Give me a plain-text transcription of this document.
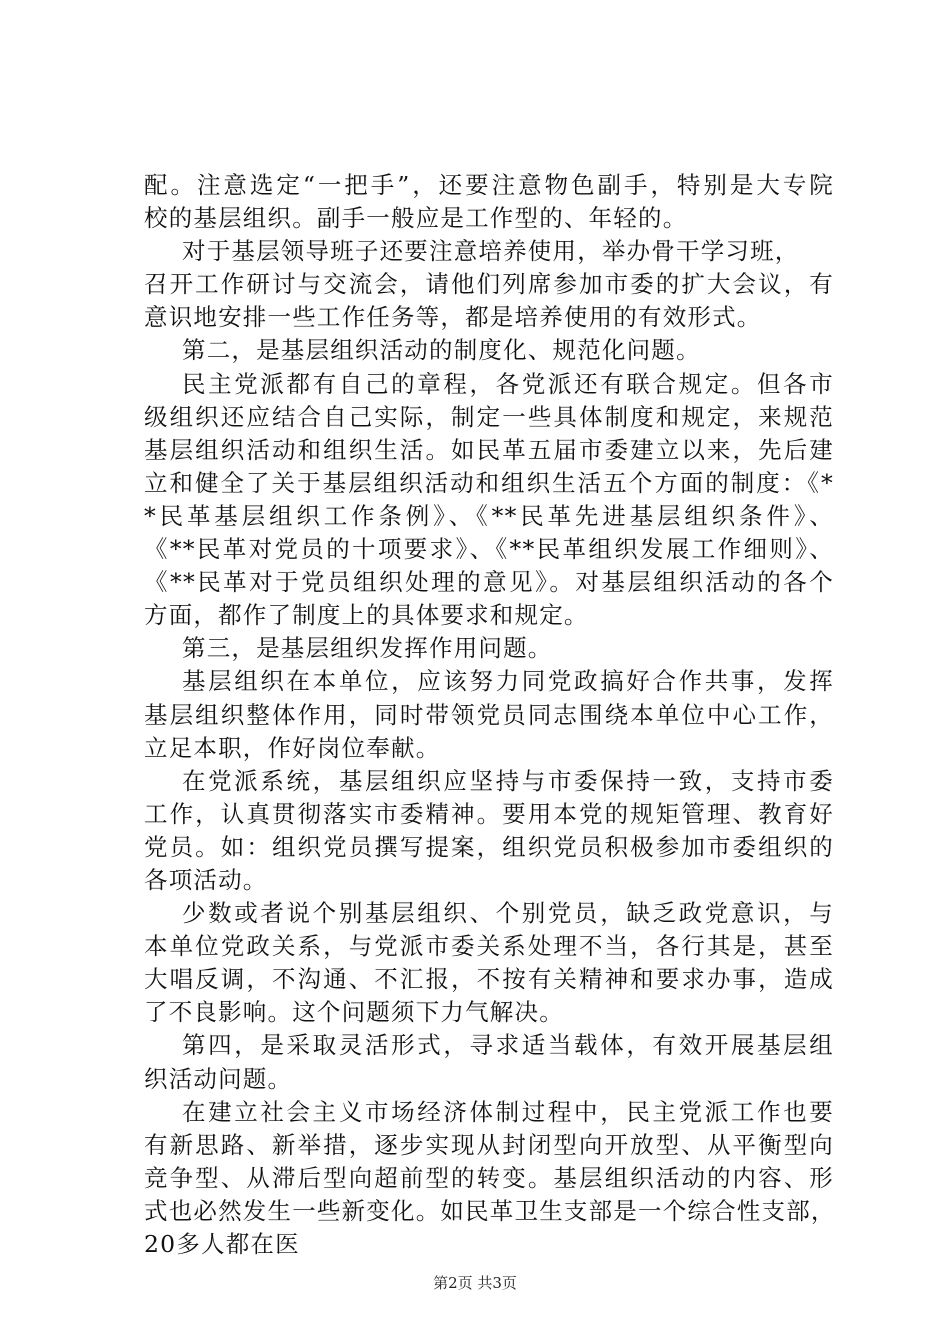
配。注意选定“一把手”，还要注意物色副手，特别是大专院
校的基层组织。副手一般应是工作型的、年轻的。
对于基层领导班子还要注意培养使用，举办骨干学习班，
召开工作研讨与交流会，请他们列席参加市委的扩大会议，有
意识地安排一些工作任务等，都是培养使用的有效形式。
第二，是基层组织活动的制度化、规范化问题。
民主党派都有自己的章程，各党派还有联合规定。但各市
级组织还应结合自己实际，制定一些具体制度和规定，来规范
基层组织活动和组织生活。如民革五届市委建立以来，先后建
立和健全了关于基层组织活动和组织生活五个方面的制度：《*
*民革基层组织工作条例》、《**民革先进基层组织条件》、
《**民革对党员的十项要求》、《**民革组织发展工作细则》、
《**民革对于党员组织处理的意见》。对基层组织活动的各个
方面，都作了制度上的具体要求和规定。
第三，是基层组织发挥作用问题。
基层组织在本单位，应该努力同党政搞好合作共事，发挥
基层组织整体作用，同时带领党员同志围绕本单位中心工作，
立足本职，作好岗位奉献。
在党派系统，基层组织应坚持与市委保持一致，支持市委
工作，认真贯彻落实市委精神。要用本党的规矩管理、教育好
党员。如：组织党员撰写提案，组织党员积极参加市委组织的
各项活动。
少数或者说个别基层组织、个别党员，缺乏政党意识，与
本单位党政关系，与党派市委关系处理不当，各行其是，甚至
大唱反调，不沟通、不汇报，不按有关精神和要求办事，造成
了不良影响。这个问题须下力气解决。
第四，是采取灵活形式，寻求适当载体，有效开展基层组
织活动问题。
在建立社会主义市场经济体制过程中，民主党派工作也要
有新思路、新举措，逐步实现从封闭型向开放型、从平衡型向
竞争型、从滞后型向超前型的转变。基层组织活动的内容、形
式也必然发生一些新变化。如民革卫生支部是一个综合性支部，
20多人都在医
第2页 共3页
